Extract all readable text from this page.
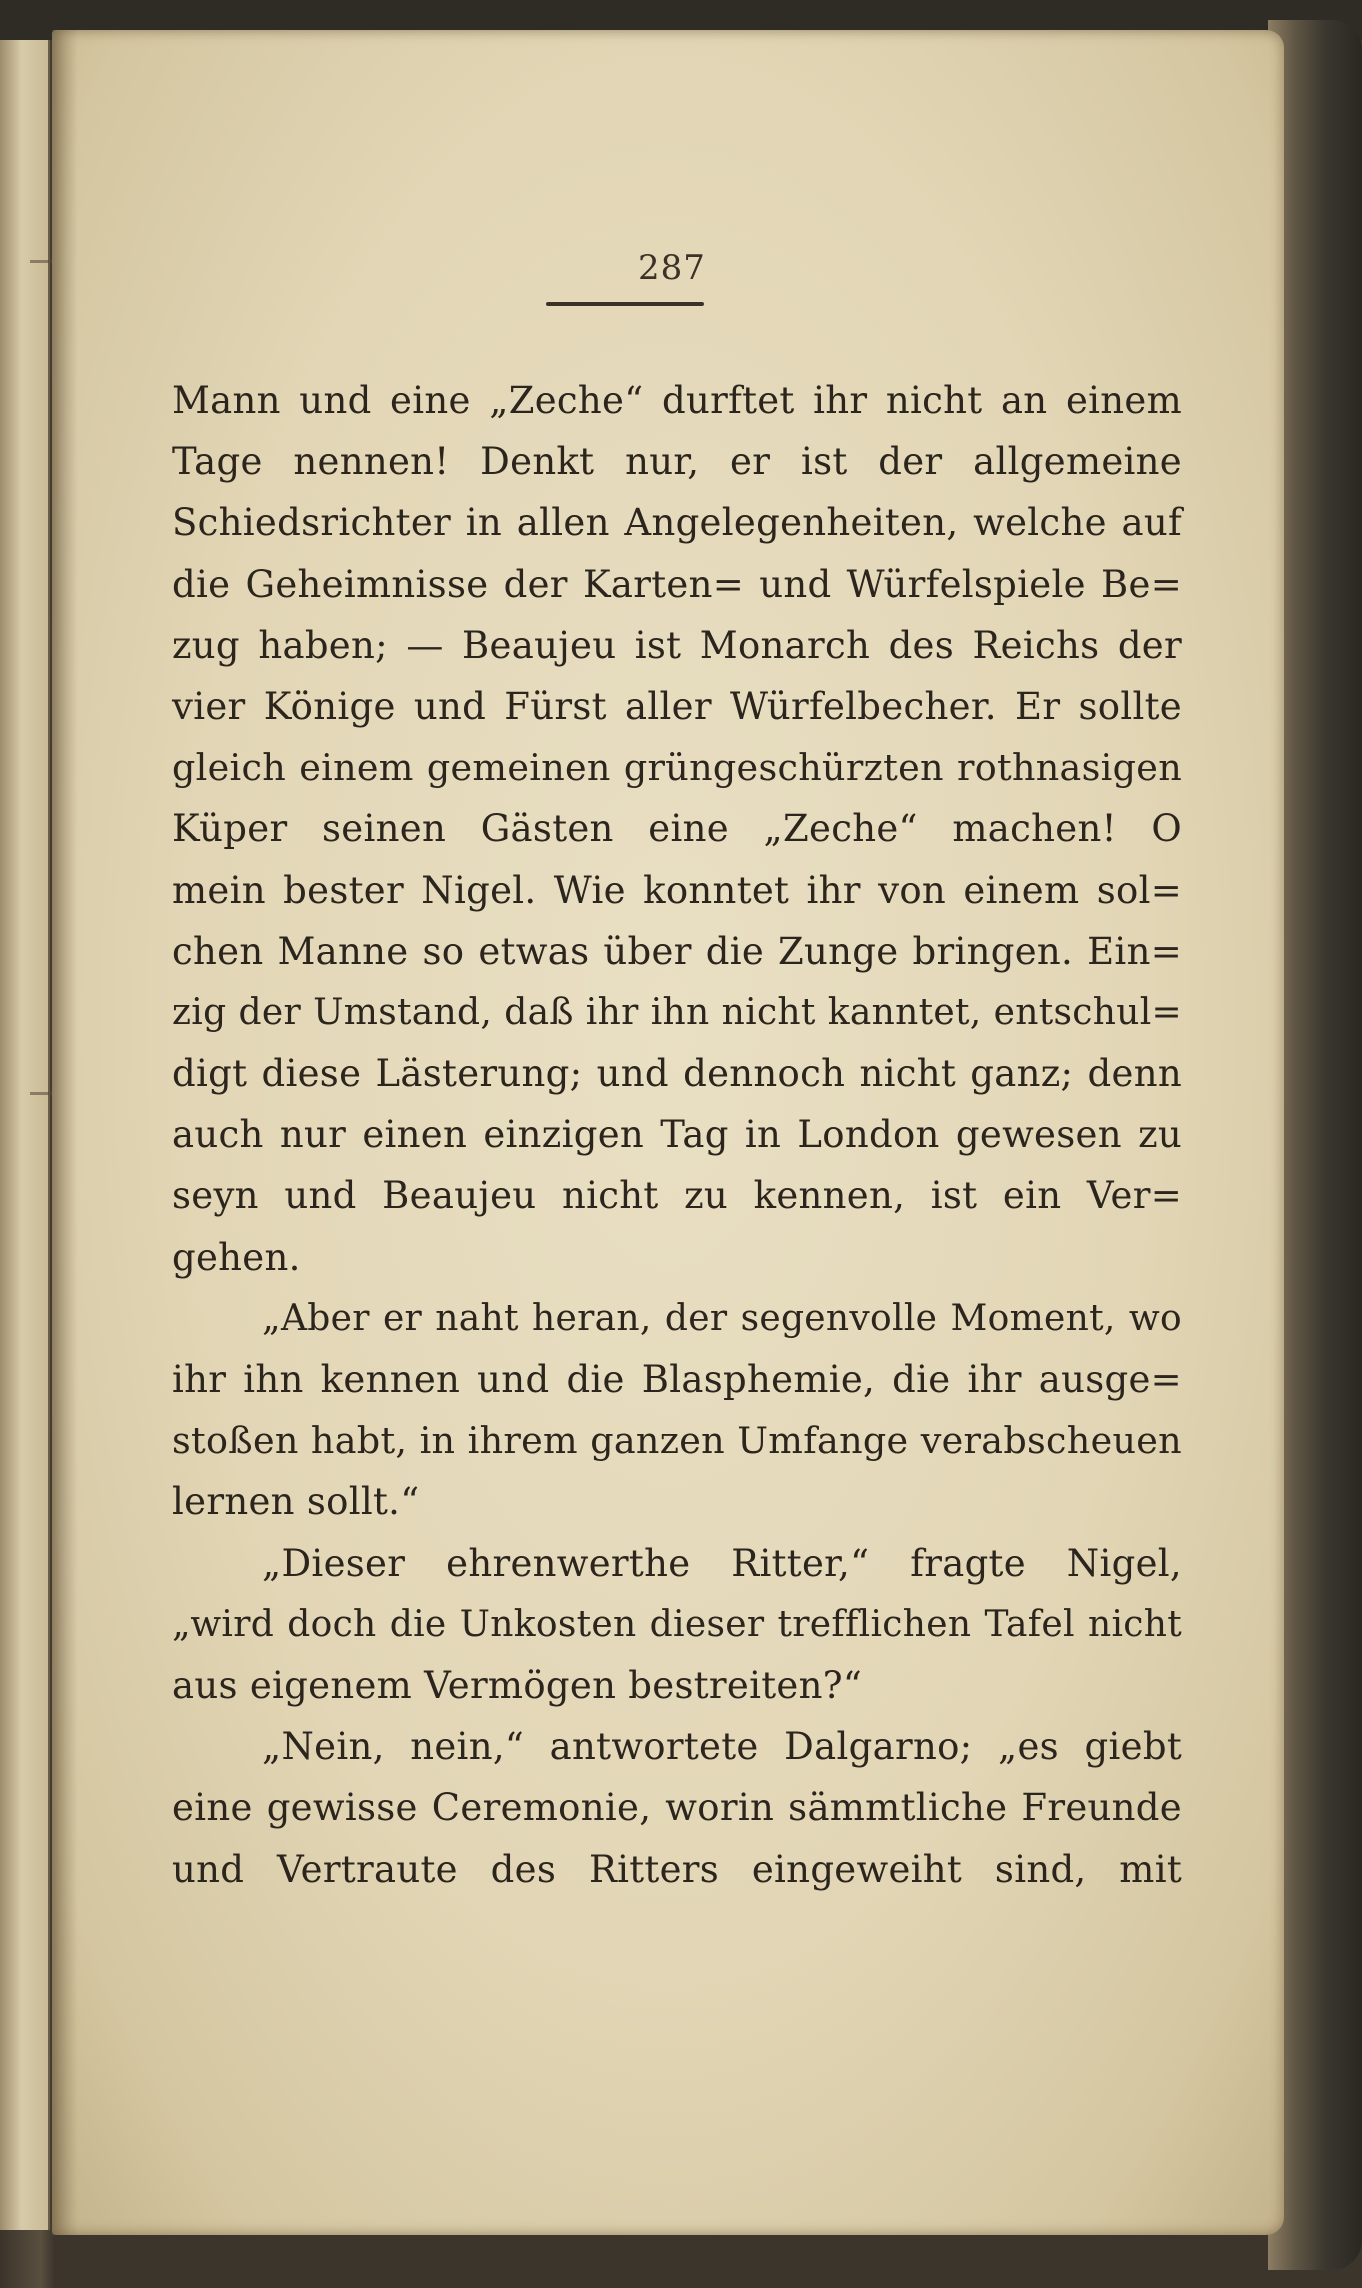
287
Mann und eine „Zeche“ durftet ihr nicht an einem
Tage nennen! Denkt nur, er ist der allgemeine
Schiedsrichter in allen Angelegenheiten, welche auf
die Geheimnisse der Karten= und Würfelspiele Be=
zug haben; — Beaujeu ist Monarch des Reichs der
vier Könige und Fürst aller Würfelbecher. Er sollte
gleich einem gemeinen grüngeschürzten rothnasigen
Küper seinen Gästen eine „Zeche“ machen! O
mein bester Nigel. Wie konntet ihr von einem sol=
chen Manne so etwas über die Zunge bringen. Ein=
zig der Umstand, daß ihr ihn nicht kanntet, entschul=
digt diese Lästerung; und dennoch nicht ganz; denn
auch nur einen einzigen Tag in London gewesen zu
seyn und Beaujeu nicht zu kennen, ist ein Ver=
gehen.
„Aber er naht heran, der segenvolle Moment, wo
ihr ihn kennen und die Blasphemie, die ihr ausge=
stoßen habt, in ihrem ganzen Umfange verabscheuen
lernen sollt.“
„Dieser ehrenwerthe Ritter,“ fragte Nigel,
„wird doch die Unkosten dieser trefflichen Tafel nicht
aus eigenem Vermögen bestreiten?“
„Nein, nein,“ antwortete Dalgarno; „es giebt
eine gewisse Ceremonie, worin sämmtliche Freunde
und Vertraute des Ritters eingeweiht sind, mit
